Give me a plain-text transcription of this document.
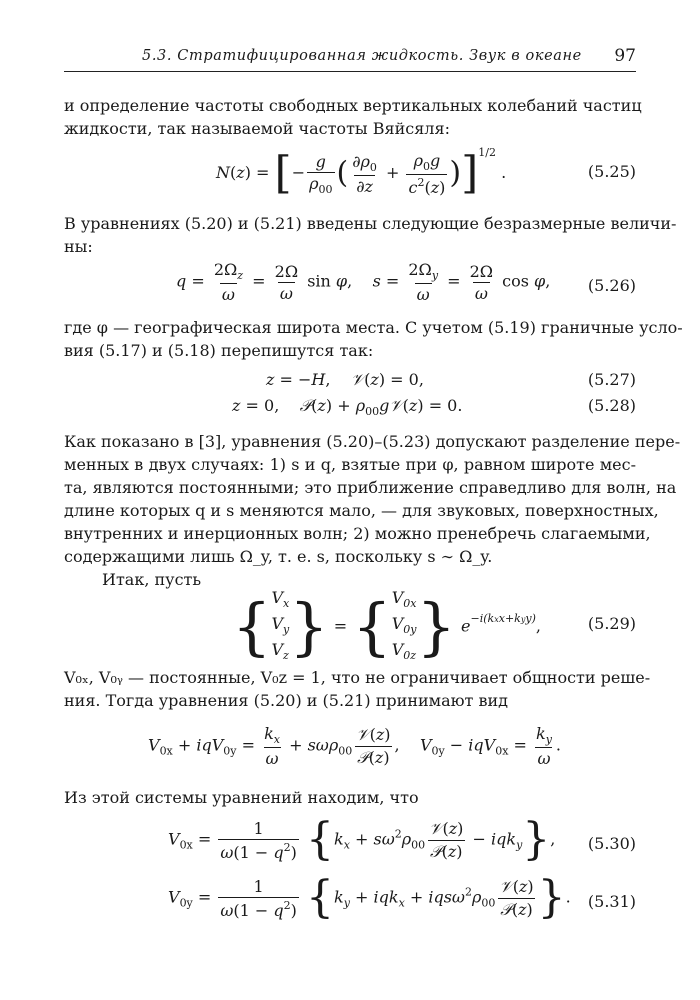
5.3. Стратифицированная жидкость. Звук в океане 97

и определение частоты свободных вертикальных колебаний частиц
жидкости, так называемой частоты Вяйсяля:

N(z) = [− $\frac{g}{\rho_{00}}$ ( $\frac{\partial\rho_0}{\partial z} + \frac{\rho_0g}{c^2(z)} )]^{1/2}$ .	(5.25)

В уравнениях (5.20) и (5.21) введены следующие безразмерные величи-
ны:

$q = \frac{2\Omega_z}{\omega} = \frac{2\Omega}{\omega}$ sin φ,    $s = \frac{2\Omega_y}{\omega} = \frac{2\Omega}{\omega}$ cos φ, (5.26)

где φ — географическая широта места. С учетом (5.19) граничные усло-
вия (5.17) и (5.18) перепишутся так:

z = −H,    𝒱(z) = 0,	(5.27)
z = 0,    𝒫(z) + $\rho_{00}g𝒱(z) = 0$.	(5.28)

Как показано в [3], уравнения (5.20)–(5.23) допускают разделение пере-
менных в двух случаях: 1) s и q, взятые при φ, равном широте мес-
та, являются постоянными; это приближение справедливо для волн, на
длине которых q и s меняются мало, — для звуковых, поверхностных,
внутренних и инерционных волн; 2) можно пренебречь слагаемыми,
содержащими лишь Ω_y, т. е. s, поскольку s ∼ Ω_y.

Итак, пусть

{ $V_x$
$V_y$
$V_z$ } = { $V_{0x}$
$V_{0y}$
$V_{0z}$ } $e^{-i(kxx+kyy)}$,	(5.29)

V₀ₓ, V₀ᵧ — постоянные, V₀z = 1, что не ограничивает общности реше-
ния. Тогда уравнения (5.20) и (5.21) принимают вид

$V_{0x} + iqV_{0y} = \frac{k_x}{\omega} + s\omega\rho_{00} \frac{\text{𝒱(z)}}{\text{𝒫(z)}}$ ,    $V_{0y} - iqV_{0x} = \frac{k_y}{\omega}$ .

Из этой системы уравнений находим, что

$V_{0x} = \frac{1}{\omega(1 - q^2)} \{k_x + s\omega^2\rho_{00} \frac{\text{𝒱(z)}}{\text{𝒫(z)}} - iqk_y\}$, (5.30)
$V_{0y} = \frac{1}{\omega(1 - q^2)} \{k_y + iqk_x + iqs\omega^2\rho_{00} \frac{\text{𝒱(z)}}{\text{𝒫(z)}}$ }. (5.31)
